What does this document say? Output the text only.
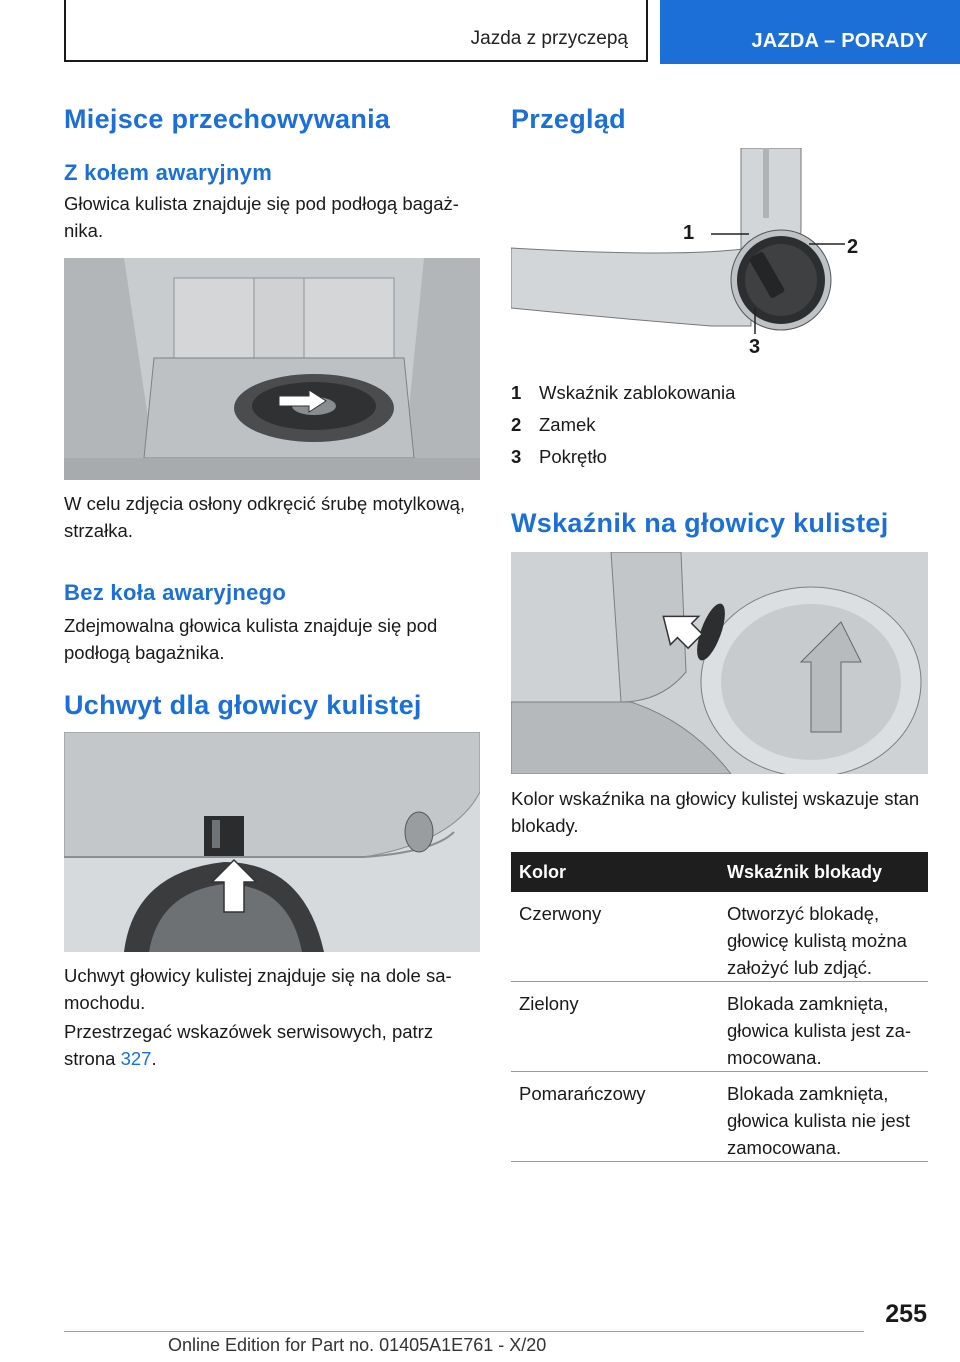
Jazda z przyczepą	JAZDA – PORADY
Miejsce przechowywania
Z kołem awaryjnym
Głowica kulista znajduje się pod podłogą bagaż-
nika.
W celu zdjęcia osłony odkręcić śrubę motylkową,
strzałka.
Bez koła awaryjnego
Zdejmowalna głowica kulista znajduje się pod
podłogą bagażnika.
Uchwyt dla głowicy kulistej
Uchwyt głowicy kulistej znajduje się na dole sa-
mochodu.
Przestrzegać wskazówek serwisowych, patrz
strona 327.
Przegląd
1
2
3
1 Wskaźnik zablokowania
2 Zamek
3 Pokrętło
Wskaźnik na głowicy kulistej
Kolor wskaźnika na głowicy kulistej wskazuje stan
blokady.
Kolor	Wskaźnik blokady
Czerwony	Otworzyć blokadę,
głowicę kulistą można
założyć lub zdjąć.
Zielony	Blokada zamknięta,
głowica kulista jest za-
mocowana.
Pomarańczowy	Blokada zamknięta,
głowica kulista nie jest
zamocowana.
255
Online Edition for Part no. 01405A1E761 - X/20
